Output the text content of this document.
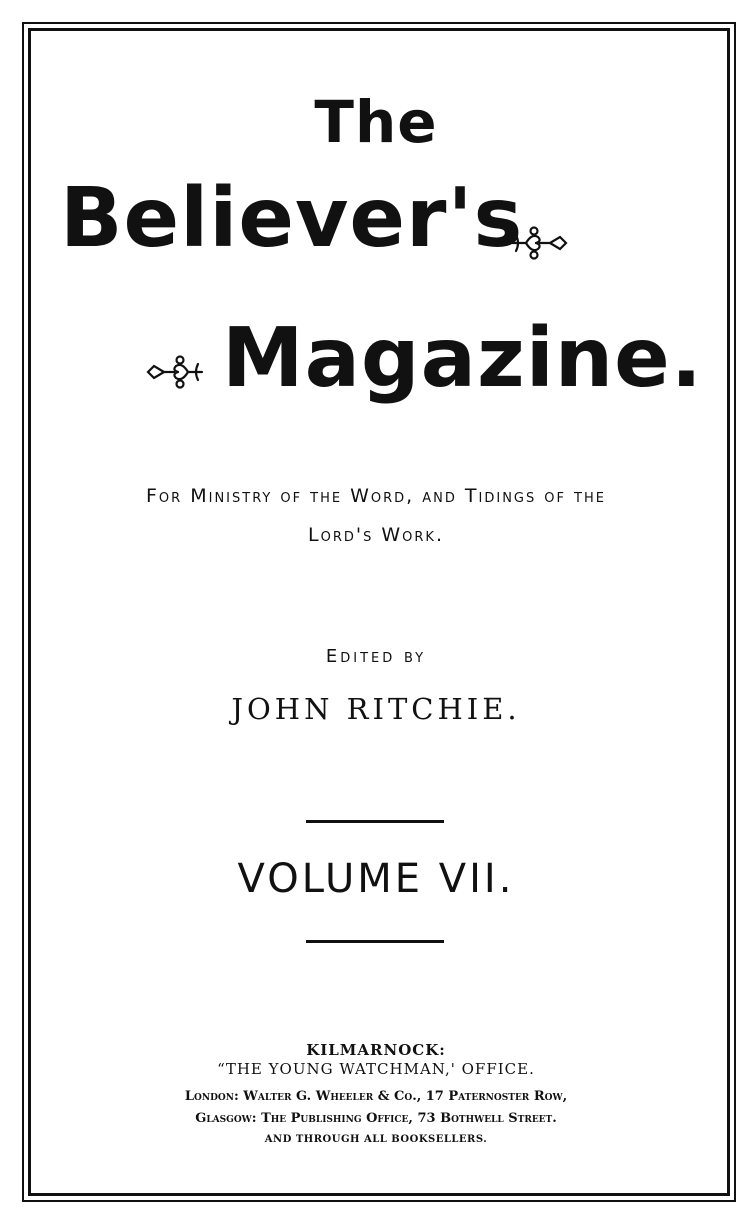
The
Believer's
Magazine.
For Ministry of the Word, and Tidings of the
Lord's Work.
Edited by
JOHN RITCHIE.
VOLUME VII.
KILMARNOCK:
“THE YOUNG WATCHMAN,' OFFICE.
London: Walter G. Wheeler & Co., 17 Paternoster Row,
Glasgow: The Publishing Office, 73 Bothwell Street.
AND THROUGH ALL BOOKSELLERS.
